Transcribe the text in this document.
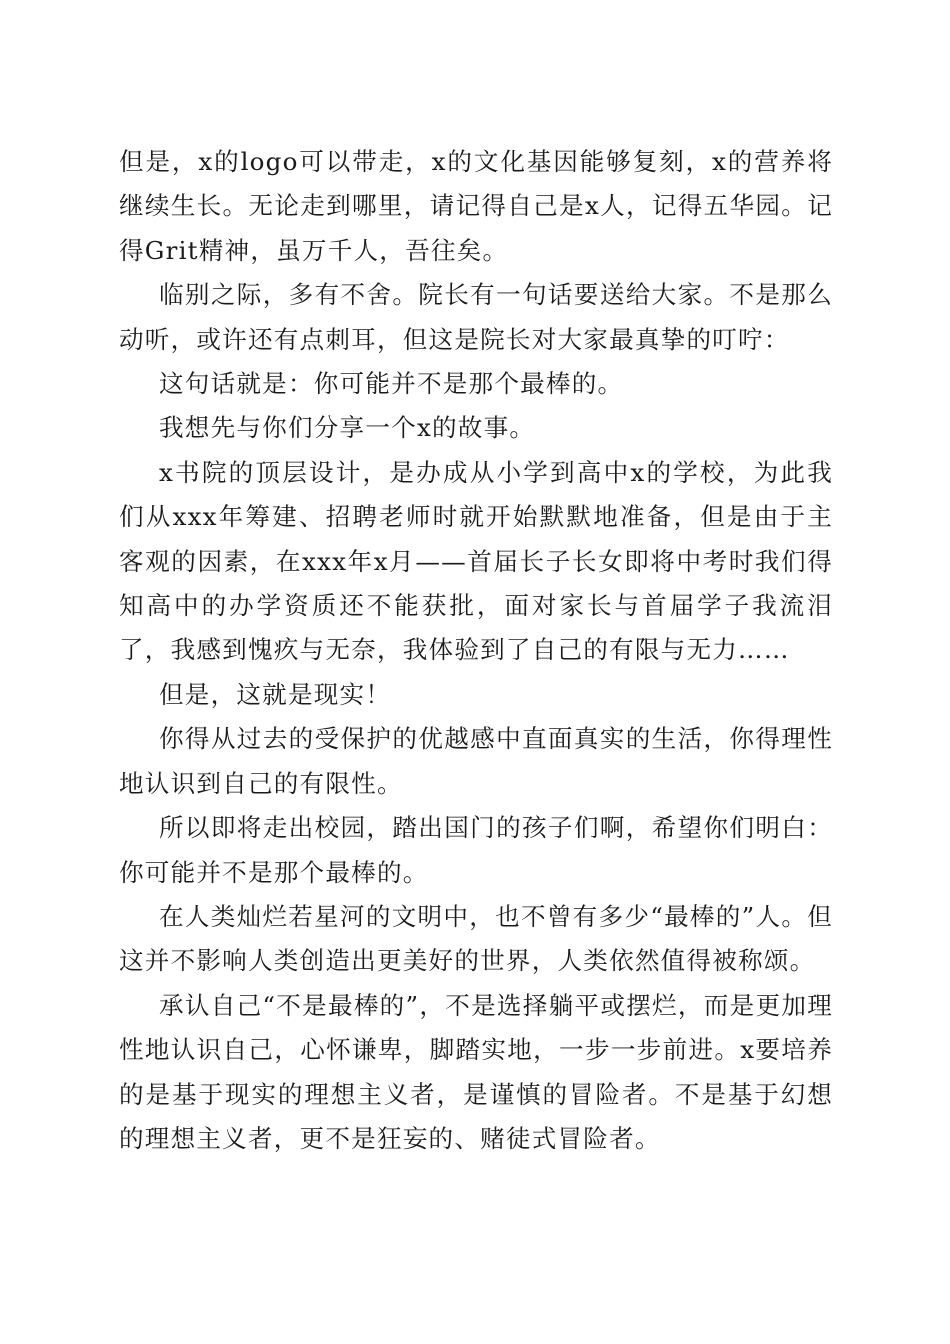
但是，x的logo可以带走，x的文化基因能够复刻，x的营养将继续生长。无论走到哪里，请记得自己是x人，记得五华园。记得Grit精神，虽万千人，吾往矣。

临别之际，多有不舍。院长有一句话要送给大家。不是那么动听，或许还有点刺耳，但这是院长对大家最真挚的叮咛：

这句话就是：你可能并不是那个最棒的。

我想先与你们分享一个x的故事。

x书院的顶层设计，是办成从小学到高中x的学校，为此我们从xxx年筹建、招聘老师时就开始默默地准备，但是由于主客观的因素，在xxx年x月——首届长子长女即将中考时我们得知高中的办学资质还不能获批，面对家长与首届学子我流泪了，我感到愧疚与无奈，我体验到了自己的有限与无力……

但是，这就是现实！

你得从过去的受保护的优越感中直面真实的生活，你得理性地认识到自己的有限性。

所以即将走出校园，踏出国门的孩子们啊，希望你们明白：你可能并不是那个最棒的。

在人类灿烂若星河的文明中，也不曾有多少“最棒的”人。但这并不影响人类创造出更美好的世界，人类依然值得被称颂。

承认自己“不是最棒的”，不是选择躺平或摆烂，而是更加理性地认识自己，心怀谦卑，脚踏实地，一步一步前进。x要培养的是基于现实的理想主义者，是谨慎的冒险者。不是基于幻想的理想主义者，更不是狂妄的、赌徒式冒险者。
